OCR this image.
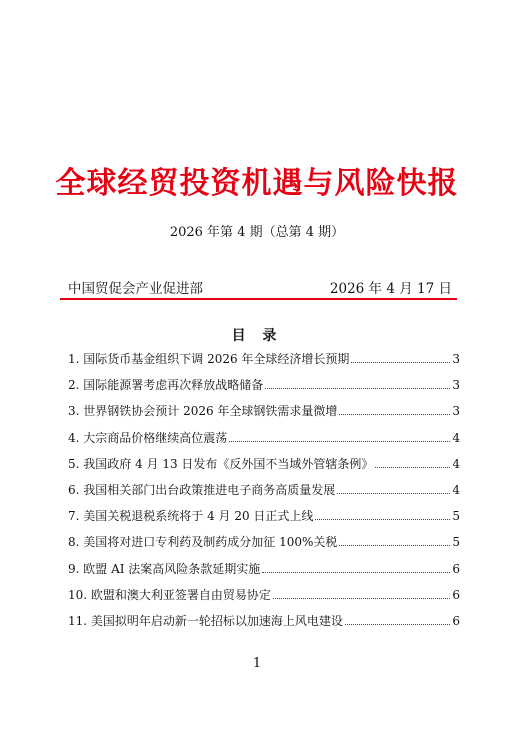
全球经贸投资机遇与风险快报
2026 年第 4 期（总第 4 期）
中国贸促会产业促进部	2026 年 4 月 17 日
目 录
1. 国际货币基金组织下调 2026 年全球经济增长预期	3
2. 国际能源署考虑再次释放战略储备	3
3. 世界钢铁协会预计 2026 年全球钢铁需求量微增	3
4. 大宗商品价格继续高位震荡	4
5. 我国政府 4 月 13 日发布《反外国不当域外管辖条例》	4
6. 我国相关部门出台政策推进电子商务高质量发展	4
7. 美国关税退税系统将于 4 月 20 日正式上线	5
8. 美国将对进口专利药及制药成分加征 100%关税	5
9. 欧盟 AI 法案高风险条款延期实施	6
10. 欧盟和澳大利亚签署自由贸易协定	6
11. 美国拟明年启动新一轮招标以加速海上风电建设	6
1
